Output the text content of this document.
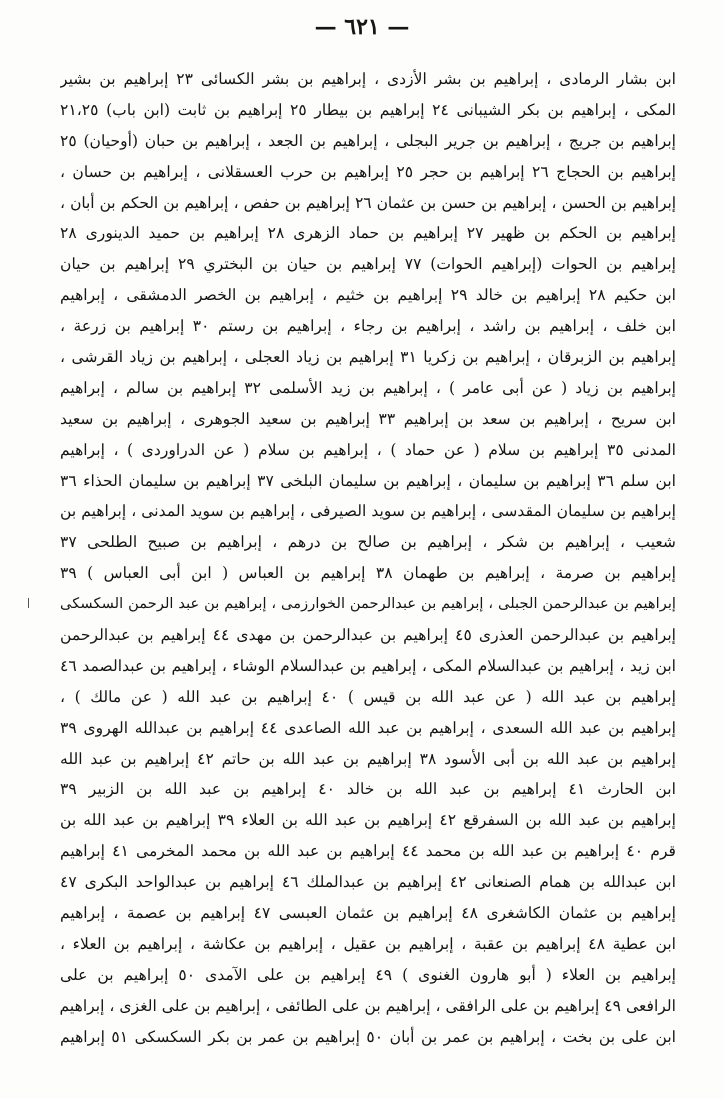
— ٦٢١ —
ابن بشار الرمادى ، إبراهيم بن بشر الأزدى ، إبراهيم بن بشر الكسائى ٢٣ إبراهيم بن بشير
المكى ، إبراهيم بن بكر الشيبانى ٢٤ إبراهيم بن بيطار ٢٥ إبراهيم بن ثابت (ابن باب) ٢١،٢٥
إبراهيم بن جريج ، إبراهيم بن جرير البجلى ، إبراهيم بن الجعد ، إبراهيم بن حبان (أوحيان) ٢٥
إبراهيم بن الحجاج ٢٦ إبراهيم بن حجر ٢٥ إبراهيم بن حرب العسقلانى ، إبراهيم بن حسان ،
إبراهيم بن الحسن ، إبراهيم بن حسن بن عثمان ٢٦ إبراهيم بن حفص ، إبراهيم بن الحكم بن أبان ،
إبراهيم بن الحكم بن ظهير ٢٧ إبراهيم بن حماد الزهرى ٢٨ إبراهيم بن حميد الدينورى ٢٨
إبراهيم بن الحوات (إبراهيم الحوات) ٧٧ إبراهيم بن حيان بن البختري ٢٩ إبراهيم بن حيان
ابن حكيم ٢٨ إبراهيم بن خالد ٢٩ إبراهيم بن خثيم ، إبراهيم بن الخصر الدمشقى ، إبراهيم
ابن خلف ، إبراهيم بن راشد ، إبراهيم بن رجاء ، إبراهيم بن رستم ٣٠ إبراهيم بن زرعة ،
إبراهيم بن الزبرقان ، إبراهيم بن زكريا ٣١ إبراهيم بن زياد العجلى ، إبراهيم بن زياد القرشى ،
إبراهيم بن زياد ( عن أبى عامر ) ، إبراهيم بن زيد الأسلمى ٣٢ إبراهيم بن سالم ، إبراهيم
ابن سريح ، إبراهيم بن سعد بن إبراهيم ٣٣ إبراهيم بن سعيد الجوهرى ، إبراهيم بن سعيد
المدنى ٣٥ إبراهيم بن سلام ( عن حماد ) ، إبراهيم بن سلام ( عن الدراوردى ) ، إبراهيم
ابن سلم ٣٦ إبراهيم بن سليمان ، إبراهيم بن سليمان البلخى ٣٧ إبراهيم بن سليمان الحذاء ٣٦
إبراهيم بن سليمان المقدسى ، إبراهيم بن سويد الصيرفى ، إبراهيم بن سويد المدنى ، إبراهيم بن
شعيب ، إبراهيم بن شكر ، إبراهيم بن صالح بن درهم ، إبراهيم بن صبيح الطلحى ٣٧
إبراهيم بن صرمة ، إبراهيم بن طهمان ٣٨ إبراهيم بن العباس ( ابن أبى العباس ) ٣٩
إبراهيم بن عبدالرحمن الجبلى ، إبراهيم بن عبدالرحمن الخوارزمى ، إبراهيم بن عبد الرحمن السكسكى
إبراهيم بن عبدالرحمن العذرى ٤٥ إبراهيم بن عبدالرحمن بن مهدى ٤٤ إبراهيم بن عبدالرحمن
ابن زيد ، إبراهيم بن عبدالسلام المكى ، إبراهيم بن عبدالسلام الوشاء ، إبراهيم بن عبدالصمد ٤٦
إبراهيم بن عبد الله ( عن عبد الله بن قيس ) ٤٠ إبراهيم بن عبد الله ( عن مالك ) ،
إبراهيم بن عبد الله السعدى ، إبراهيم بن عبد الله الصاعدى ٤٤ إبراهيم بن عبدالله الهروى ٣٩
إبراهيم بن عبد الله بن أبى الأسود ٣٨ إبراهيم بن عبد الله بن حاتم ٤٢ إبراهيم بن عبد الله
ابن الحارث ٤١ إبراهيم بن عبد الله بن خالد ٤٠ إبراهيم بن عبد الله بن الزبير ٣٩
إبراهيم بن عبد الله بن السفرقع ٤٢ إبراهيم بن عبد الله بن العلاء ٣٩ إبراهيم بن عبد الله بن
قرم ٤٠ إبراهيم بن عبد الله بن محمد ٤٤ إبراهيم بن عبد الله بن محمد المخرمى ٤١ إبراهيم
ابن عبدالله بن همام الصنعانى ٤٢ إبراهيم بن عبدالملك ٤٦ إبراهيم بن عبدالواحد البكرى ٤٧
إبراهيم بن عثمان الكاشغرى ٤٨ إبراهيم بن عثمان العبسى ٤٧ إبراهيم بن عصمة ، إبراهيم
ابن عطية ٤٨ إبراهيم بن عقبة ، إبراهيم بن عقيل ، إبراهيم بن عكاشة ، إبراهيم بن العلاء ،
إبراهيم بن العلاء ( أبو هارون الغنوى ) ٤٩ إبراهيم بن على الآمدى ٥٠ إبراهيم بن على
الرافعى ٤٩ إبراهيم بن على الرافقى ، إبراهيم بن على الطائفى ، إبراهيم بن على الغزى ، إبراهيم
ابن على بن بخت ، إبراهيم بن عمر بن أبان ٥٠ إبراهيم بن عمر بن بكر السكسكى ٥١ إبراهيم
